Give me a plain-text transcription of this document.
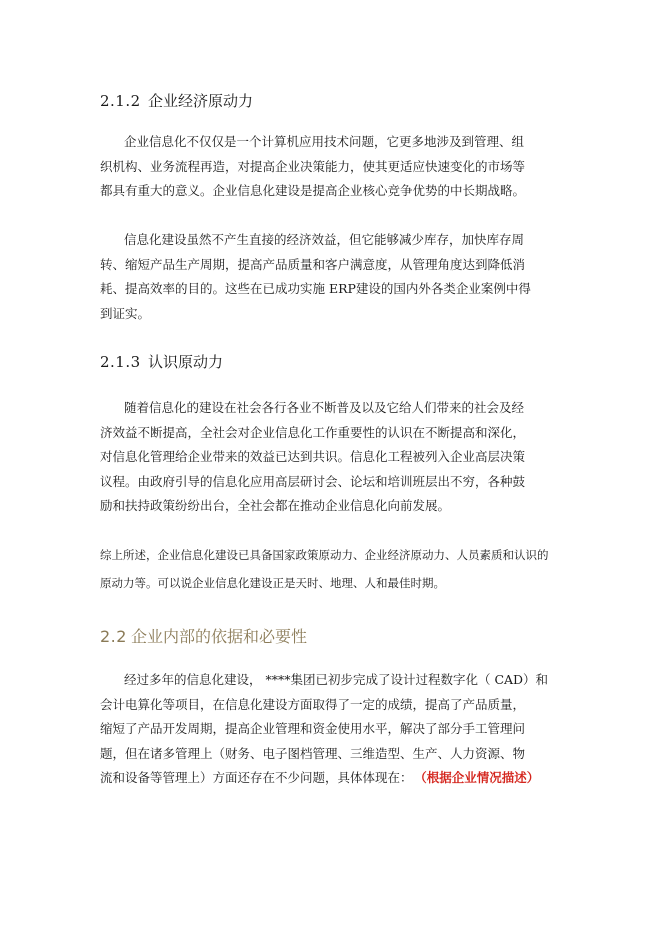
2.1.2 企业经济原动力
企业信息化不仅仅是一个计算机应用技术问题，它更多地涉及到管理、组
织机构、业务流程再造，对提高企业决策能力，使其更适应快速变化的市场等
都具有重大的意义。企业信息化建设是提高企业核心竞争优势的中长期战略。
信息化建设虽然不产生直接的经济效益，但它能够减少库存，加快库存周
转、缩短产品生产周期，提高产品质量和客户满意度，从管理角度达到降低消
耗、提高效率的目的。这些在已成功实施 ERP建设的国内外各类企业案例中得
到证实。
2.1.3 认识原动力
随着信息化的建设在社会各行各业不断普及以及它给人们带来的社会及经
济效益不断提高，全社会对企业信息化工作重要性的认识在不断提高和深化，
对信息化管理给企业带来的效益已达到共识。信息化工程被列入企业高层决策
议程。由政府引导的信息化应用高层研讨会、论坛和培训班层出不穷，各种鼓
励和扶持政策纷纷出台，全社会都在推动企业信息化向前发展。
综上所述，企业信息化建设已具备国家政策原动力、企业经济原动力、人员素质和认识的
原动力等。可以说企业信息化建设正是天时、地理、人和最佳时期。
2.2 企业内部的依据和必要性
经过多年的信息化建设， ****集团已初步完成了设计过程数字化（ CAD）和
会计电算化等项目，在信息化建设方面取得了一定的成绩，提高了产品质量，
缩短了产品开发周期，提高企业管理和资金使用水平，解决了部分手工管理问
题，但在诸多管理上（财务、电子图档管理、三维造型、生产、人力资源、物
流和设备等管理上）方面还存在不少问题，具体体现在： （根据企业情况描述）
